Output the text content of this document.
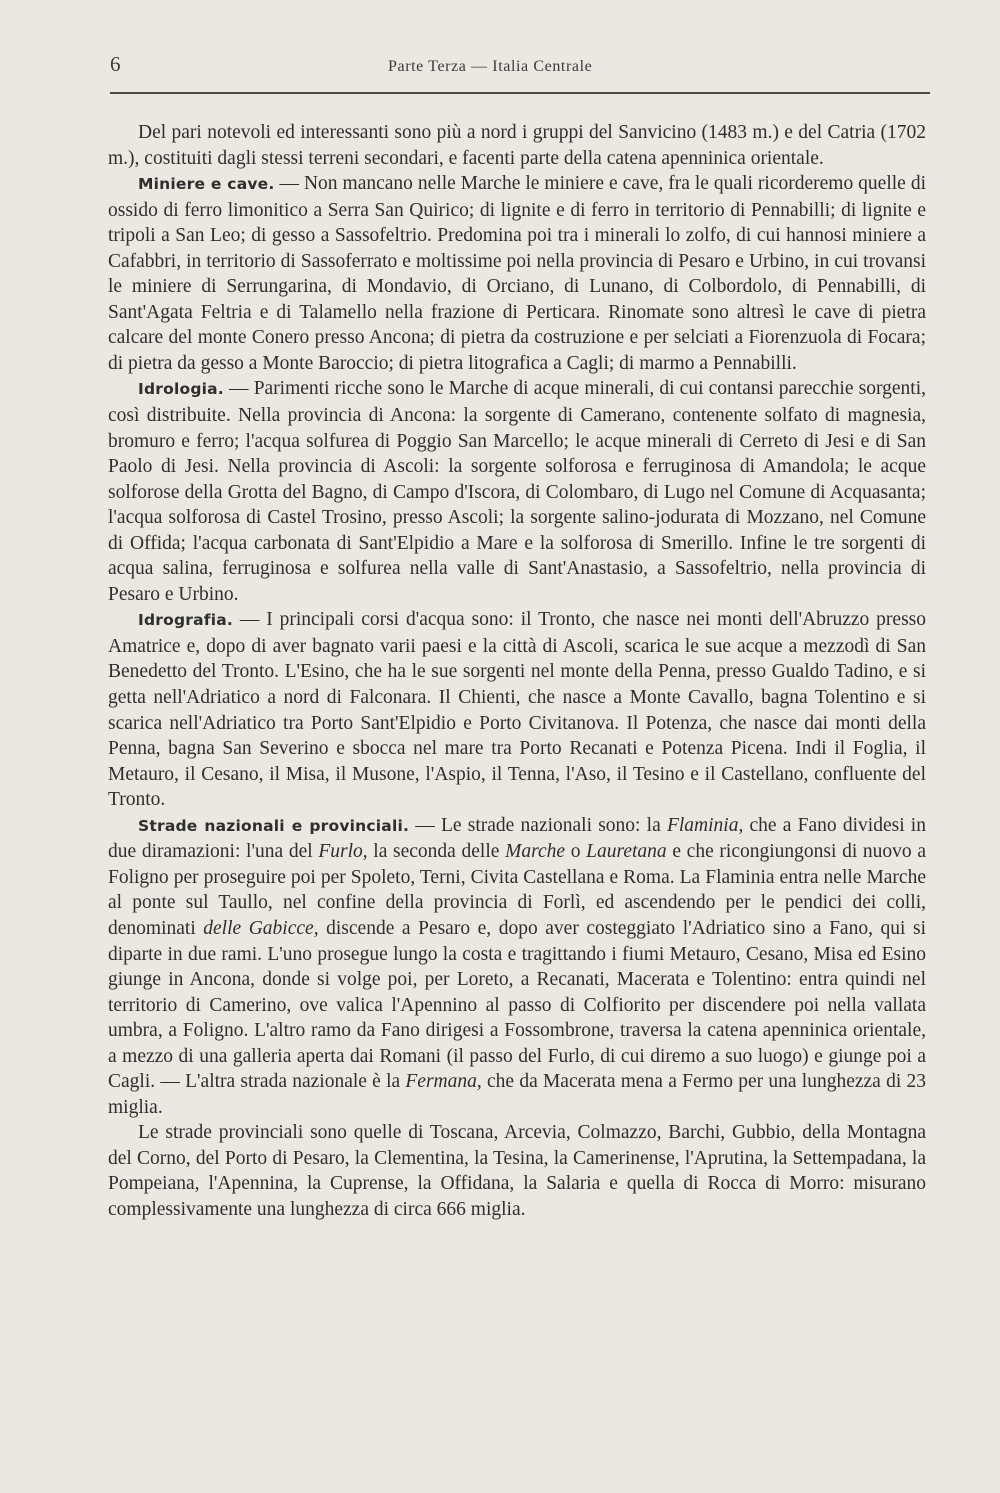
6	Parte Terza — Italia Centrale

Del pari notevoli ed interessanti sono più a nord i gruppi del Sanvicino (1483 m.) e del Catria (1702 m.), costituiti dagli stessi terreni secondari, e facenti parte della catena apenninica orientale.

Miniere e cave. — Non mancano nelle Marche le miniere e cave, fra le quali ricorderemo quelle di ossido di ferro limonitico a Serra San Quirico; di lignite e di ferro in territorio di Pennabilli; di lignite e tripoli a San Leo; di gesso a Sassofeltrio. Predomina poi tra i minerali lo zolfo, di cui hannosi miniere a Cafabbri, in territorio di Sassoferrato e moltissime poi nella provincia di Pesaro e Urbino, in cui trovansi le miniere di Serrungarina, di Mondavio, di Orciano, di Lunano, di Colbordolo, di Pennabilli, di Sant'Agata Feltria e di Talamello nella frazione di Perticara. Rinomate sono altresì le cave di pietra calcare del monte Conero presso Ancona; di pietra da costruzione e per selciati a Fiorenzuola di Focara; di pietra da gesso a Monte Baroccio; di pietra litografica a Cagli; di marmo a Pennabilli.

Idrologia. — Parimenti ricche sono le Marche di acque minerali, di cui contansi parecchie sorgenti, così distribuite. Nella provincia di Ancona: la sorgente di Camerano, contenente solfato di magnesia, bromuro e ferro; l'acqua solfurea di Poggio San Marcello; le acque minerali di Cerreto di Jesi e di San Paolo di Jesi. Nella provincia di Ascoli: la sorgente solforosa e ferruginosa di Amandola; le acque solforose della Grotta del Bagno, di Campo d'Iscora, di Colombaro, di Lugo nel Comune di Acquasanta; l'acqua solforosa di Castel Trosino, presso Ascoli; la sorgente salino-jodurata di Mozzano, nel Comune di Offida; l'acqua carbonata di Sant'Elpidio a Mare e la solforosa di Smerillo. Infine le tre sorgenti di acqua salina, ferruginosa e solfurea nella valle di Sant'Anastasio, a Sassofeltrio, nella provincia di Pesaro e Urbino.

Idrografia. — I principali corsi d'acqua sono: il Tronto, che nasce nei monti dell'Abruzzo presso Amatrice e, dopo di aver bagnato varii paesi e la città di Ascoli, scarica le sue acque a mezzodì di San Benedetto del Tronto. L'Esino, che ha le sue sorgenti nel monte della Penna, presso Gualdo Tadino, e si getta nell'Adriatico a nord di Falconara. Il Chienti, che nasce a Monte Cavallo, bagna Tolentino e si scarica nell'Adriatico tra Porto Sant'Elpidio e Porto Civitanova. Il Potenza, che nasce dai monti della Penna, bagna San Severino e sbocca nel mare tra Porto Recanati e Potenza Picena. Indi il Foglia, il Metauro, il Cesano, il Misa, il Musone, l'Aspio, il Tenna, l'Aso, il Tesino e il Castellano, confluente del Tronto.

Strade nazionali e provinciali. — Le strade nazionali sono: la Flaminia, che a Fano dividesi in due diramazioni: l'una del Furlo, la seconda delle Marche o Lauretana e che ricongiungonsi di nuovo a Foligno per proseguire poi per Spoleto, Terni, Civita Castellana e Roma. La Flaminia entra nelle Marche al ponte sul Taullo, nel confine della provincia di Forlì, ed ascendendo per le pendici dei colli, denominati delle Gabicce, discende a Pesaro e, dopo aver costeggiato l'Adriatico sino a Fano, qui si diparte in due rami. L'uno prosegue lungo la costa e tragittando i fiumi Metauro, Cesano, Misa ed Esino giunge in Ancona, donde si volge poi, per Loreto, a Recanati, Macerata e Tolentino: entra quindi nel territorio di Camerino, ove valica l'Apennino al passo di Colfiorito per discendere poi nella vallata umbra, a Foligno. L'altro ramo da Fano dirigesi a Fossombrone, traversa la catena apenninica orientale, a mezzo di una galleria aperta dai Romani (il passo del Furlo, di cui diremo a suo luogo) e giunge poi a Cagli. — L'altra strada nazionale è la Fermana, che da Macerata mena a Fermo per una lunghezza di 23 miglia.

Le strade provinciali sono quelle di Toscana, Arcevia, Colmazzo, Barchi, Gubbio, della Montagna del Corno, del Porto di Pesaro, la Clementina, la Tesina, la Camerinense, l'Aprutina, la Settempadana, la Pompeiana, l'Apennina, la Cuprense, la Offidana, la Salaria e quella di Rocca di Morro: misurano complessivamente una lunghezza di circa 666 miglia.
